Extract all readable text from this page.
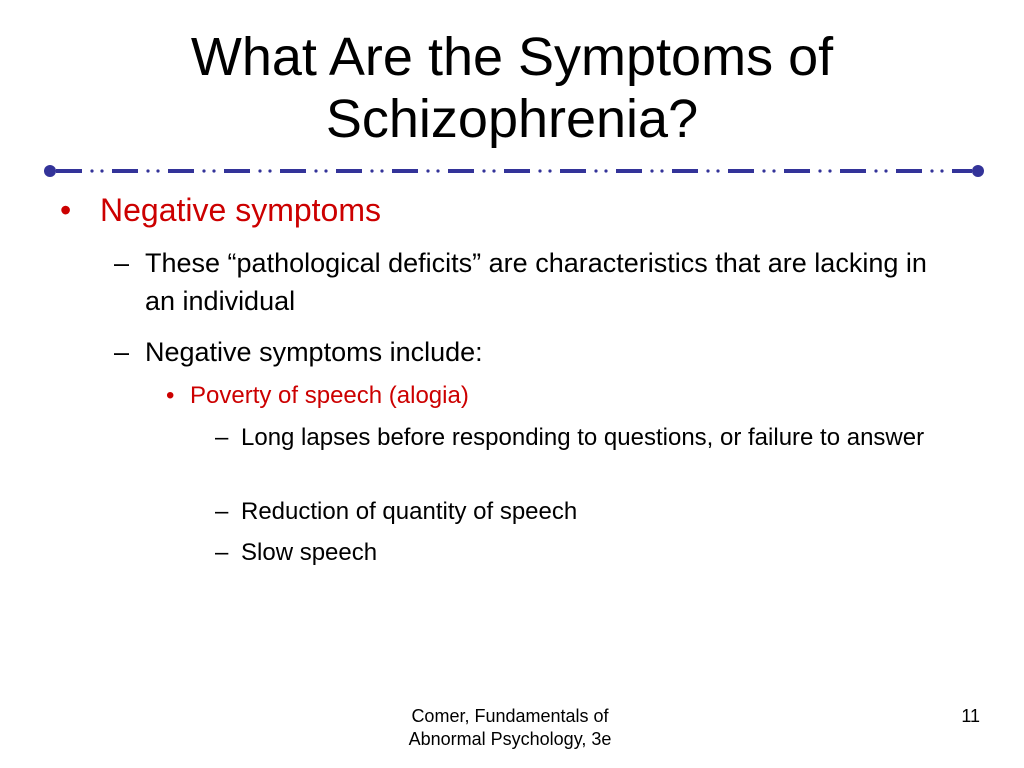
What Are the Symptoms of Schizophrenia?
• Negative symptoms
– These “pathological deficits” are characteristics that are lacking in an individual
– Negative symptoms include:
• Poverty of speech (alogia)
– Long lapses before responding to questions, or failure to answer
– Reduction of quantity of speech
– Slow speech
Comer, Fundamentals of
Abnormal Psychology, 3e
11
